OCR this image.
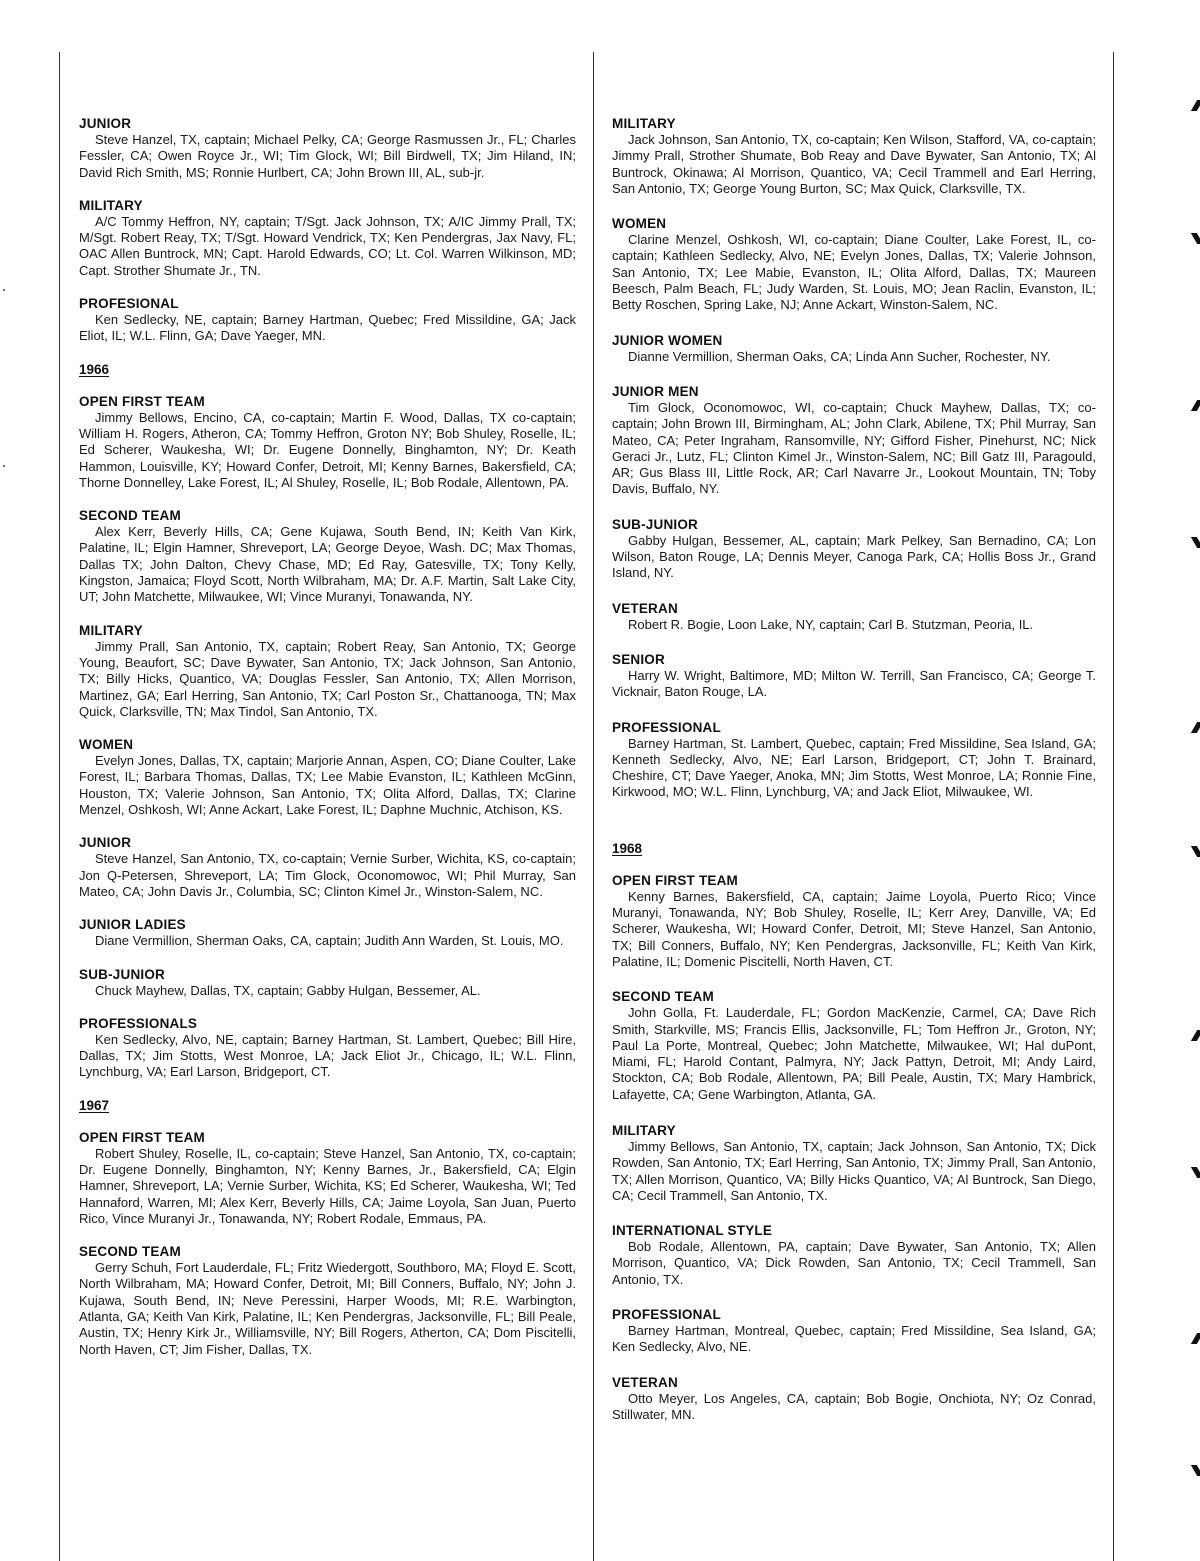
JUNIOR
Steve Hanzel, TX, captain; Michael Pelky, CA; George Rasmussen Jr., FL; Charles Fessler, CA; Owen Royce Jr., WI; Tim Glock, WI; Bill Birdwell, TX; Jim Hiland, IN; David Rich Smith, MS; Ronnie Hurlbert, CA; John Brown III, AL, sub-jr.
MILITARY
A/C Tommy Heffron, NY, captain; T/Sgt. Jack Johnson, TX; A/IC Jimmy Prall, TX; M/Sgt. Robert Reay, TX; T/Sgt. Howard Vendrick, TX; Ken Pendergras, Jax Navy, FL; OAC Allen Buntrock, MN; Capt. Harold Edwards, CO; Lt. Col. Warren Wilkinson, MD; Capt. Strother Shumate Jr., TN.
PROFESIONAL
Ken Sedlecky, NE, captain; Barney Hartman, Quebec; Fred Missildine, GA; Jack Eliot, IL; W.L. Flinn, GA; Dave Yaeger, MN.
1966
OPEN FIRST TEAM
Jimmy Bellows, Encino, CA, co-captain; Martin F. Wood, Dallas, TX co-captain; William H. Rogers, Atheron, CA; Tommy Heffron, Groton NY; Bob Shuley, Roselle, IL; Ed Scherer, Waukesha, WI; Dr. Eugene Donnelly, Binghamton, NY; Dr. Keath Hammon, Louisville, KY; Howard Confer, Detroit, MI; Kenny Barnes, Bakersfield, CA; Thorne Donnelley, Lake Forest, IL; Al Shuley, Roselle, IL; Bob Rodale, Allentown, PA.
SECOND TEAM
Alex Kerr, Beverly Hills, CA; Gene Kujawa, South Bend, IN; Keith Van Kirk, Palatine, IL; Elgin Hamner, Shreveport, LA; George Deyoe, Wash. DC; Max Thomas, Dallas TX; John Dalton, Chevy Chase, MD; Ed Ray, Gatesville, TX; Tony Kelly, Kingston, Jamaica; Floyd Scott, North Wilbraham, MA; Dr. A.F. Martin, Salt Lake City, UT; John Matchette, Milwaukee, WI; Vince Muranyi, Tonawanda, NY.
MILITARY
Jimmy Prall, San Antonio, TX, captain; Robert Reay, San Antonio, TX; George Young, Beaufort, SC; Dave Bywater, San Antonio, TX; Jack Johnson, San Antonio, TX; Billy Hicks, Quantico, VA; Douglas Fessler, San Antonio, TX; Allen Morrison, Martinez, GA; Earl Herring, San Antonio, TX; Carl Poston Sr., Chattanooga, TN; Max Quick, Clarksville, TN; Max Tindol, San Antonio, TX.
WOMEN
Evelyn Jones, Dallas, TX, captain; Marjorie Annan, Aspen, CO; Diane Coulter, Lake Forest, IL; Barbara Thomas, Dallas, TX; Lee Mabie Evanston, IL; Kathleen McGinn, Houston, TX; Valerie Johnson, San Antonio, TX; Olita Alford, Dallas, TX; Clarine Menzel, Oshkosh, WI; Anne Ackart, Lake Forest, IL; Daphne Muchnic, Atchison, KS.
JUNIOR
Steve Hanzel, San Antonio, TX, co-captain; Vernie Surber, Wichita, KS, co-captain; Jon Q-Petersen, Shreveport, LA; Tim Glock, Oconomowoc, WI; Phil Murray, San Mateo, CA; John Davis Jr., Columbia, SC; Clinton Kimel Jr., Winston-Salem, NC.
JUNIOR LADIES
Diane Vermillion, Sherman Oaks, CA, captain; Judith Ann Warden, St. Louis, MO.
SUB-JUNIOR
Chuck Mayhew, Dallas, TX, captain; Gabby Hulgan, Bessemer, AL.
PROFESSIONALS
Ken Sedlecky, Alvo, NE, captain; Barney Hartman, St. Lambert, Quebec; Bill Hire, Dallas, TX; Jim Stotts, West Monroe, LA; Jack Eliot Jr., Chicago, IL; W.L. Flinn, Lynchburg, VA; Earl Larson, Bridgeport, CT.
1967
OPEN FIRST TEAM
Robert Shuley, Roselle, IL, co-captain; Steve Hanzel, San Antonio, TX, co-captain; Dr. Eugene Donnelly, Binghamton, NY; Kenny Barnes, Jr., Bakersfield, CA; Elgin Hamner, Shreveport, LA; Vernie Surber, Wichita, KS; Ed Scherer, Waukesha, WI; Ted Hannaford, Warren, MI; Alex Kerr, Beverly Hills, CA; Jaime Loyola, San Juan, Puerto Rico, Vince Muranyi Jr., Tonawanda, NY; Robert Rodale, Emmaus, PA.
SECOND TEAM
Gerry Schuh, Fort Lauderdale, FL; Fritz Wiedergott, Southboro, MA; Floyd E. Scott, North Wilbraham, MA; Howard Confer, Detroit, MI; Bill Conners, Buffalo, NY; John J. Kujawa, South Bend, IN; Neve Peressini, Harper Woods, MI; R.E. Warbington, Atlanta, GA; Keith Van Kirk, Palatine, IL; Ken Pendergras, Jacksonville, FL; Bill Peale, Austin, TX; Henry Kirk Jr., Williamsville, NY; Bill Rogers, Atherton, CA; Dom Piscitelli, North Haven, CT; Jim Fisher, Dallas, TX.
MILITARY
Jack Johnson, San Antonio, TX, co-captain; Ken Wilson, Stafford, VA, co-captain; Jimmy Prall, Strother Shumate, Bob Reay and Dave Bywater, San Antonio, TX; Al Buntrock, Okinawa; Al Morrison, Quantico, VA; Cecil Trammell and Earl Herring, San Antonio, TX; George Young Burton, SC; Max Quick, Clarksville, TX.
WOMEN
Clarine Menzel, Oshkosh, WI, co-captain; Diane Coulter, Lake Forest, IL, co-captain; Kathleen Sedlecky, Alvo, NE; Evelyn Jones, Dallas, TX; Valerie Johnson, San Antonio, TX; Lee Mabie, Evanston, IL; Olita Alford, Dallas, TX; Maureen Beesch, Palm Beach, FL; Judy Warden, St. Louis, MO; Jean Raclin, Evanston, IL; Betty Roschen, Spring Lake, NJ; Anne Ackart, Winston-Salem, NC.
JUNIOR WOMEN
Dianne Vermillion, Sherman Oaks, CA; Linda Ann Sucher, Rochester, NY.
JUNIOR MEN
Tim Glock, Oconomowoc, WI, co-captain; Chuck Mayhew, Dallas, TX; co-captain; John Brown III, Birmingham, AL; John Clark, Abilene, TX; Phil Murray, San Mateo, CA; Peter Ingraham, Ransomville, NY; Gifford Fisher, Pinehurst, NC; Nick Geraci Jr., Lutz, FL; Clinton Kimel Jr., Winston-Salem, NC; Bill Gatz III, Paragould, AR; Gus Blass III, Little Rock, AR; Carl Navarre Jr., Lookout Mountain, TN; Toby Davis, Buffalo, NY.
SUB-JUNIOR
Gabby Hulgan, Bessemer, AL, captain; Mark Pelkey, San Bernadino, CA; Lon Wilson, Baton Rouge, LA; Dennis Meyer, Canoga Park, CA; Hollis Boss Jr., Grand Island, NY.
VETERAN
Robert R. Bogie, Loon Lake, NY, captain; Carl B. Stutzman, Peoria, IL.
SENIOR
Harry W. Wright, Baltimore, MD; Milton W. Terrill, San Francisco, CA; George T. Vicknair, Baton Rouge, LA.
PROFESSIONAL
Barney Hartman, St. Lambert, Quebec, captain; Fred Missildine, Sea Island, GA; Kenneth Sedlecky, Alvo, NE; Earl Larson, Bridgeport, CT; John T. Brainard, Cheshire, CT; Dave Yaeger, Anoka, MN; Jim Stotts, West Monroe, LA; Ronnie Fine, Kirkwood, MO; W.L. Flinn, Lynchburg, VA; and Jack Eliot, Milwaukee, WI.
1968
OPEN FIRST TEAM
Kenny Barnes, Bakersfield, CA, captain; Jaime Loyola, Puerto Rico; Vince Muranyi, Tonawanda, NY; Bob Shuley, Roselle, IL; Kerr Arey, Danville, VA; Ed Scherer, Waukesha, WI; Howard Confer, Detroit, MI; Steve Hanzel, San Antonio, TX; Bill Conners, Buffalo, NY; Ken Pendergras, Jacksonville, FL; Keith Van Kirk, Palatine, IL; Domenic Piscitelli, North Haven, CT.
SECOND TEAM
John Golla, Ft. Lauderdale, FL; Gordon MacKenzie, Carmel, CA; Dave Rich Smith, Starkville, MS; Francis Ellis, Jacksonville, FL; Tom Heffron Jr., Groton, NY; Paul La Porte, Montreal, Quebec; John Matchette, Milwaukee, WI; Hal duPont, Miami, FL; Harold Contant, Palmyra, NY; Jack Pattyn, Detroit, MI; Andy Laird, Stockton, CA; Bob Rodale, Allentown, PA; Bill Peale, Austin, TX; Mary Hambrick, Lafayette, CA; Gene Warbington, Atlanta, GA.
MILITARY
Jimmy Bellows, San Antonio, TX, captain; Jack Johnson, San Antonio, TX; Dick Rowden, San Antonio, TX; Earl Herring, San Antonio, TX; Jimmy Prall, San Antonio, TX; Allen Morrison, Quantico, VA; Billy Hicks Quantico, VA; Al Buntrock, San Diego, CA; Cecil Trammell, San Antonio, TX.
INTERNATIONAL STYLE
Bob Rodale, Allentown, PA, captain; Dave Bywater, San Antonio, TX; Allen Morrison, Quantico, VA; Dick Rowden, San Antonio, TX; Cecil Trammell, San Antonio, TX.
PROFESSIONAL
Barney Hartman, Montreal, Quebec, captain; Fred Missildine, Sea Island, GA; Ken Sedlecky, Alvo, NE.
VETERAN
Otto Meyer, Los Angeles, CA, captain; Bob Bogie, Onchiota, NY; Oz Conrad, Stillwater, MN.
